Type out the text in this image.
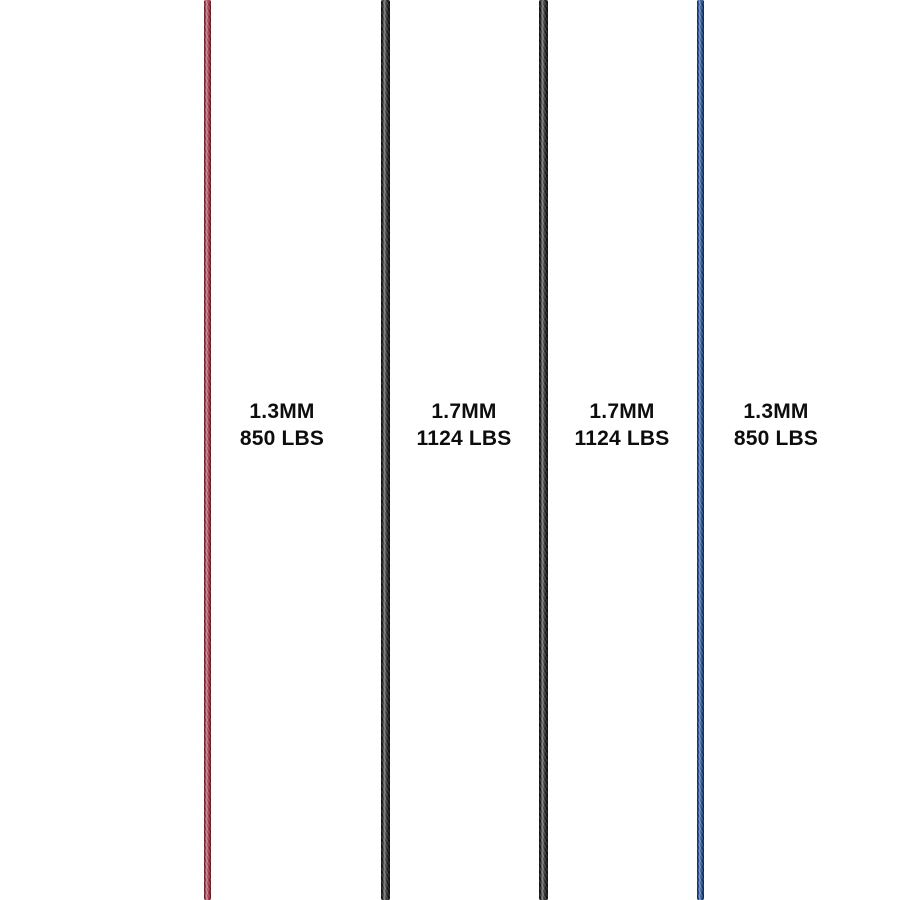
1.3MM
850 LBS
1.7MM
1124 LBS
1.7MM
1124 LBS
1.3MM
850 LBS
